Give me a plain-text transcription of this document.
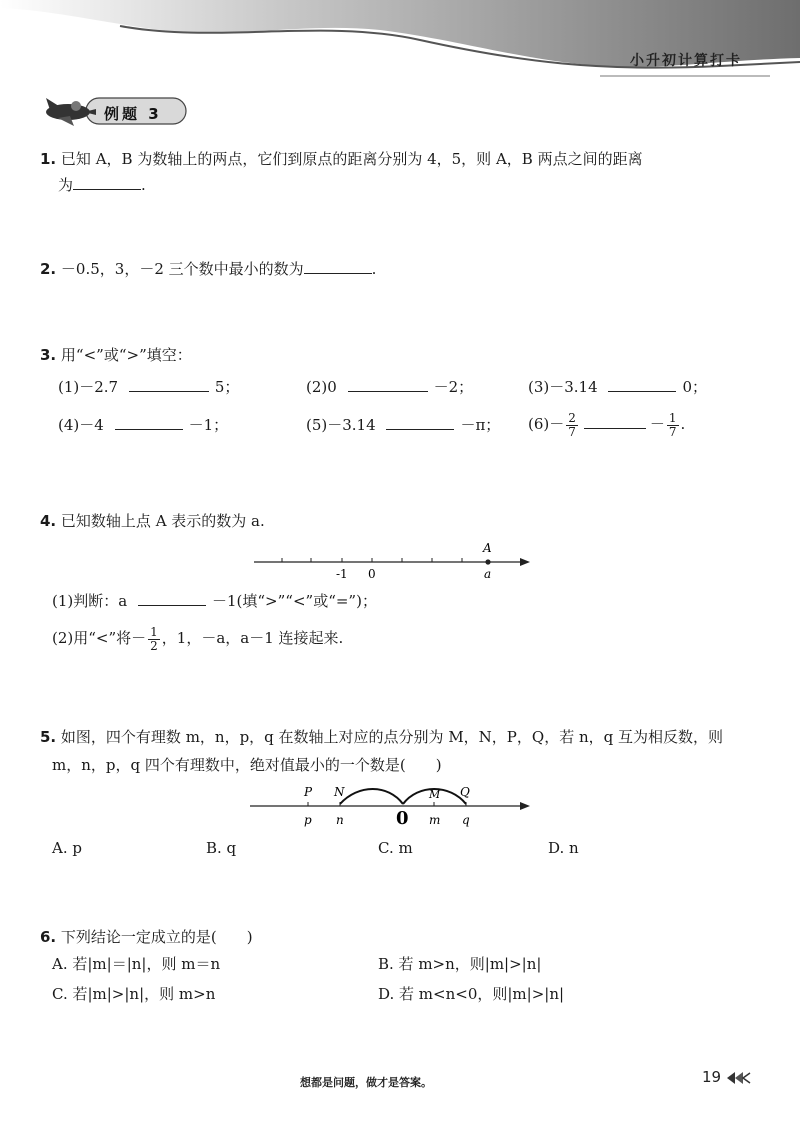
小升初计算打卡
例题 3
1. 已知 A，B 为数轴上的两点，它们到原点的距离分别为 4，5，则 A，B 两点之间的距离
为	.
2. －0.5，3，－2 三个数中最小的数为	.
3. 用“<”或“>”填空：
(1)－2.7	5；	(2)0	－2；	(3)－3.14	0；
(4)－4	－1；	(5)－3.14	－π； $(6)- \frac{2}{7}$	－ $\frac{1}{7}$ .
4. 已知数轴上点 A 表示的数为 a.
-1 0
A
a
(1)判断：a	－1(填“>”“<”或“=”)；
(2)用“<”将－ $\frac{1}{2}$ ，1，－a，a－1 连接起来.
5. 如图，四个有理数 m，n，p，q 在数轴上对应的点分别为 M，N，P，Q，若 n，q 互为相反数，则
m，n，p，q 四个有理数中，绝对值最小的一个数是(　　)
P N	M Q
p n	0 m q
A. p	B. q	C. m	D. n
6. 下列结论一定成立的是(　　)
A. 若|m|＝|n|，则 m＝n	B. 若 m>n，则|m|>|n|
C. 若|m|>|n|，则 m>n	D. 若 m<n<0，则|m|>|n|
想都是问题，做才是答案。	19
